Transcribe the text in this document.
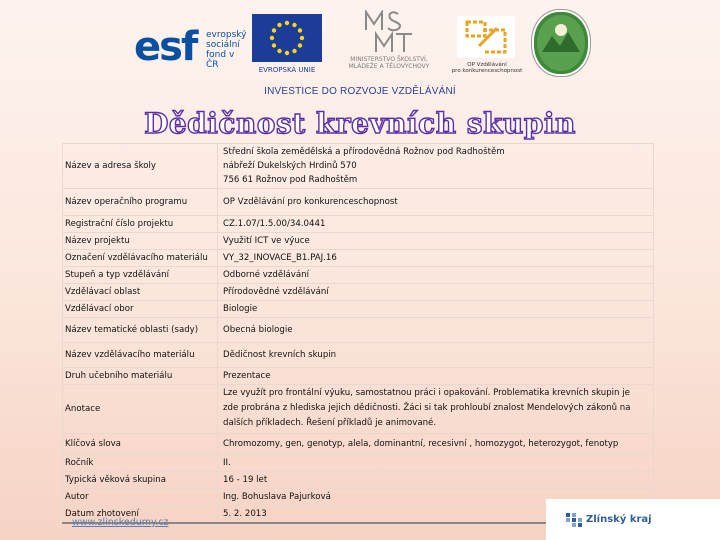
esf evropský
sociální
fond v ČR	EVROPSKÁ UNIE
MINISTERSTVO ŠKOLSTVÍ,
MLÁDEŽE A TĚLOVÝCHOVY	OP Vzdělávání
pro konkurenceschopnost
INVESTICE DO ROZVOJE VZDĚLÁVÁNÍ
Dědičnost krevních skupin
Název a adresa školy	Střední škola zemědělská a přírodovědná Rožnov pod Radhoštěm
nábřeží Dukelských Hrdinů 570
756 61 Rožnov pod Radhoštěm

Název operačního programu	OP Vzdělávání pro konkurenceschopnost
Registrační číslo projektu	CZ.1.07/1.5.00/34.0441
Název projektu	Využití ICT ve výuce
Označení vzdělávacího materiálu	VY_32_INOVACE_B1.PAJ.16
Stupeň a typ vzdělávání	Odborné vzdělávání
Vzdělávací oblast	Přírodovědné vzdělávání
Vzdělávací obor	Biologie
Název tematické oblasti (sady)	Obecná biologie
Název vzdělávacího materiálu	Dědičnost krevních skupin
Druh učebního materiálu	Prezentace
Anotace	Lze využít pro frontální výuku, samostatnou práci i opakování. Problematika krevních skupin je
zde probrána z hlediska jejich dědičnosti. Žáci si tak prohloubí znalost Mendelových zákonů na
dalších příkladech. Řešení příkladů je animované.

Klíčová slova	Chromozomy, gen, genotyp, alela, dominantní, recesivní , homozygot, heterozygot, fenotyp
Ročník	II.
Typická věková skupina	16 - 19 let
Autor	Ing. Bohuslava Pajurková
Datum zhotovení	5. 2. 2013
www.zlinskedumy.cz	Zlínský kraj
